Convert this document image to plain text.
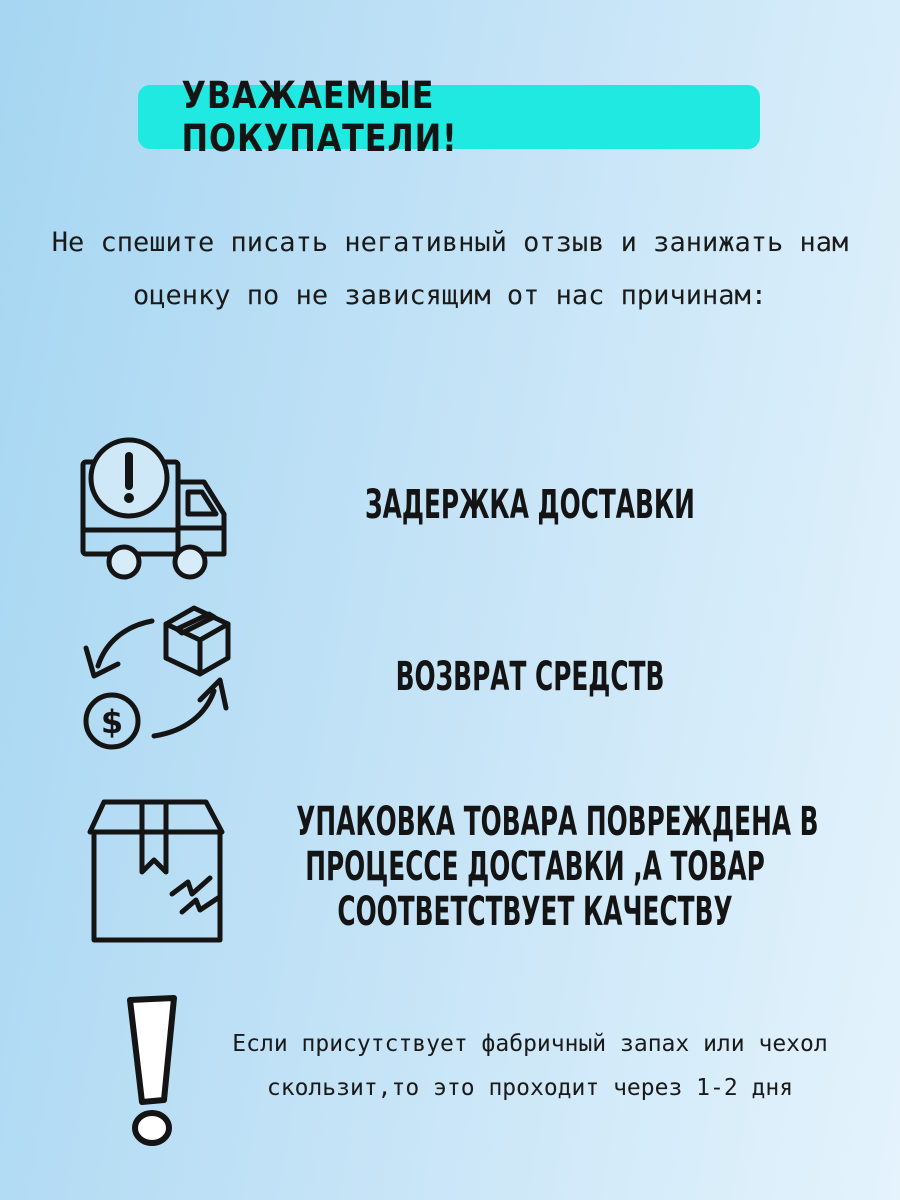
УВАЖАЕМЫЕ ПОКУПАТЕЛИ!

Не спешите писать негативный отзыв и занижать нам оценку по не зависящим от нас причинам:

ЗАДЕРЖКА ДОСТАВКИ
$
ВОЗВРАТ СРЕДСТВ
УПАКОВКА ТОВАРА ПОВРЕЖДЕНА В
ПРОЦЕССЕ ДОСТАВКИ ,А ТОВАР
СООТВЕТСТВУЕТ КАЧЕСТВУ

Если присутствует фабричный запах или чехол скользит,то это проходит через 1-2 дня
